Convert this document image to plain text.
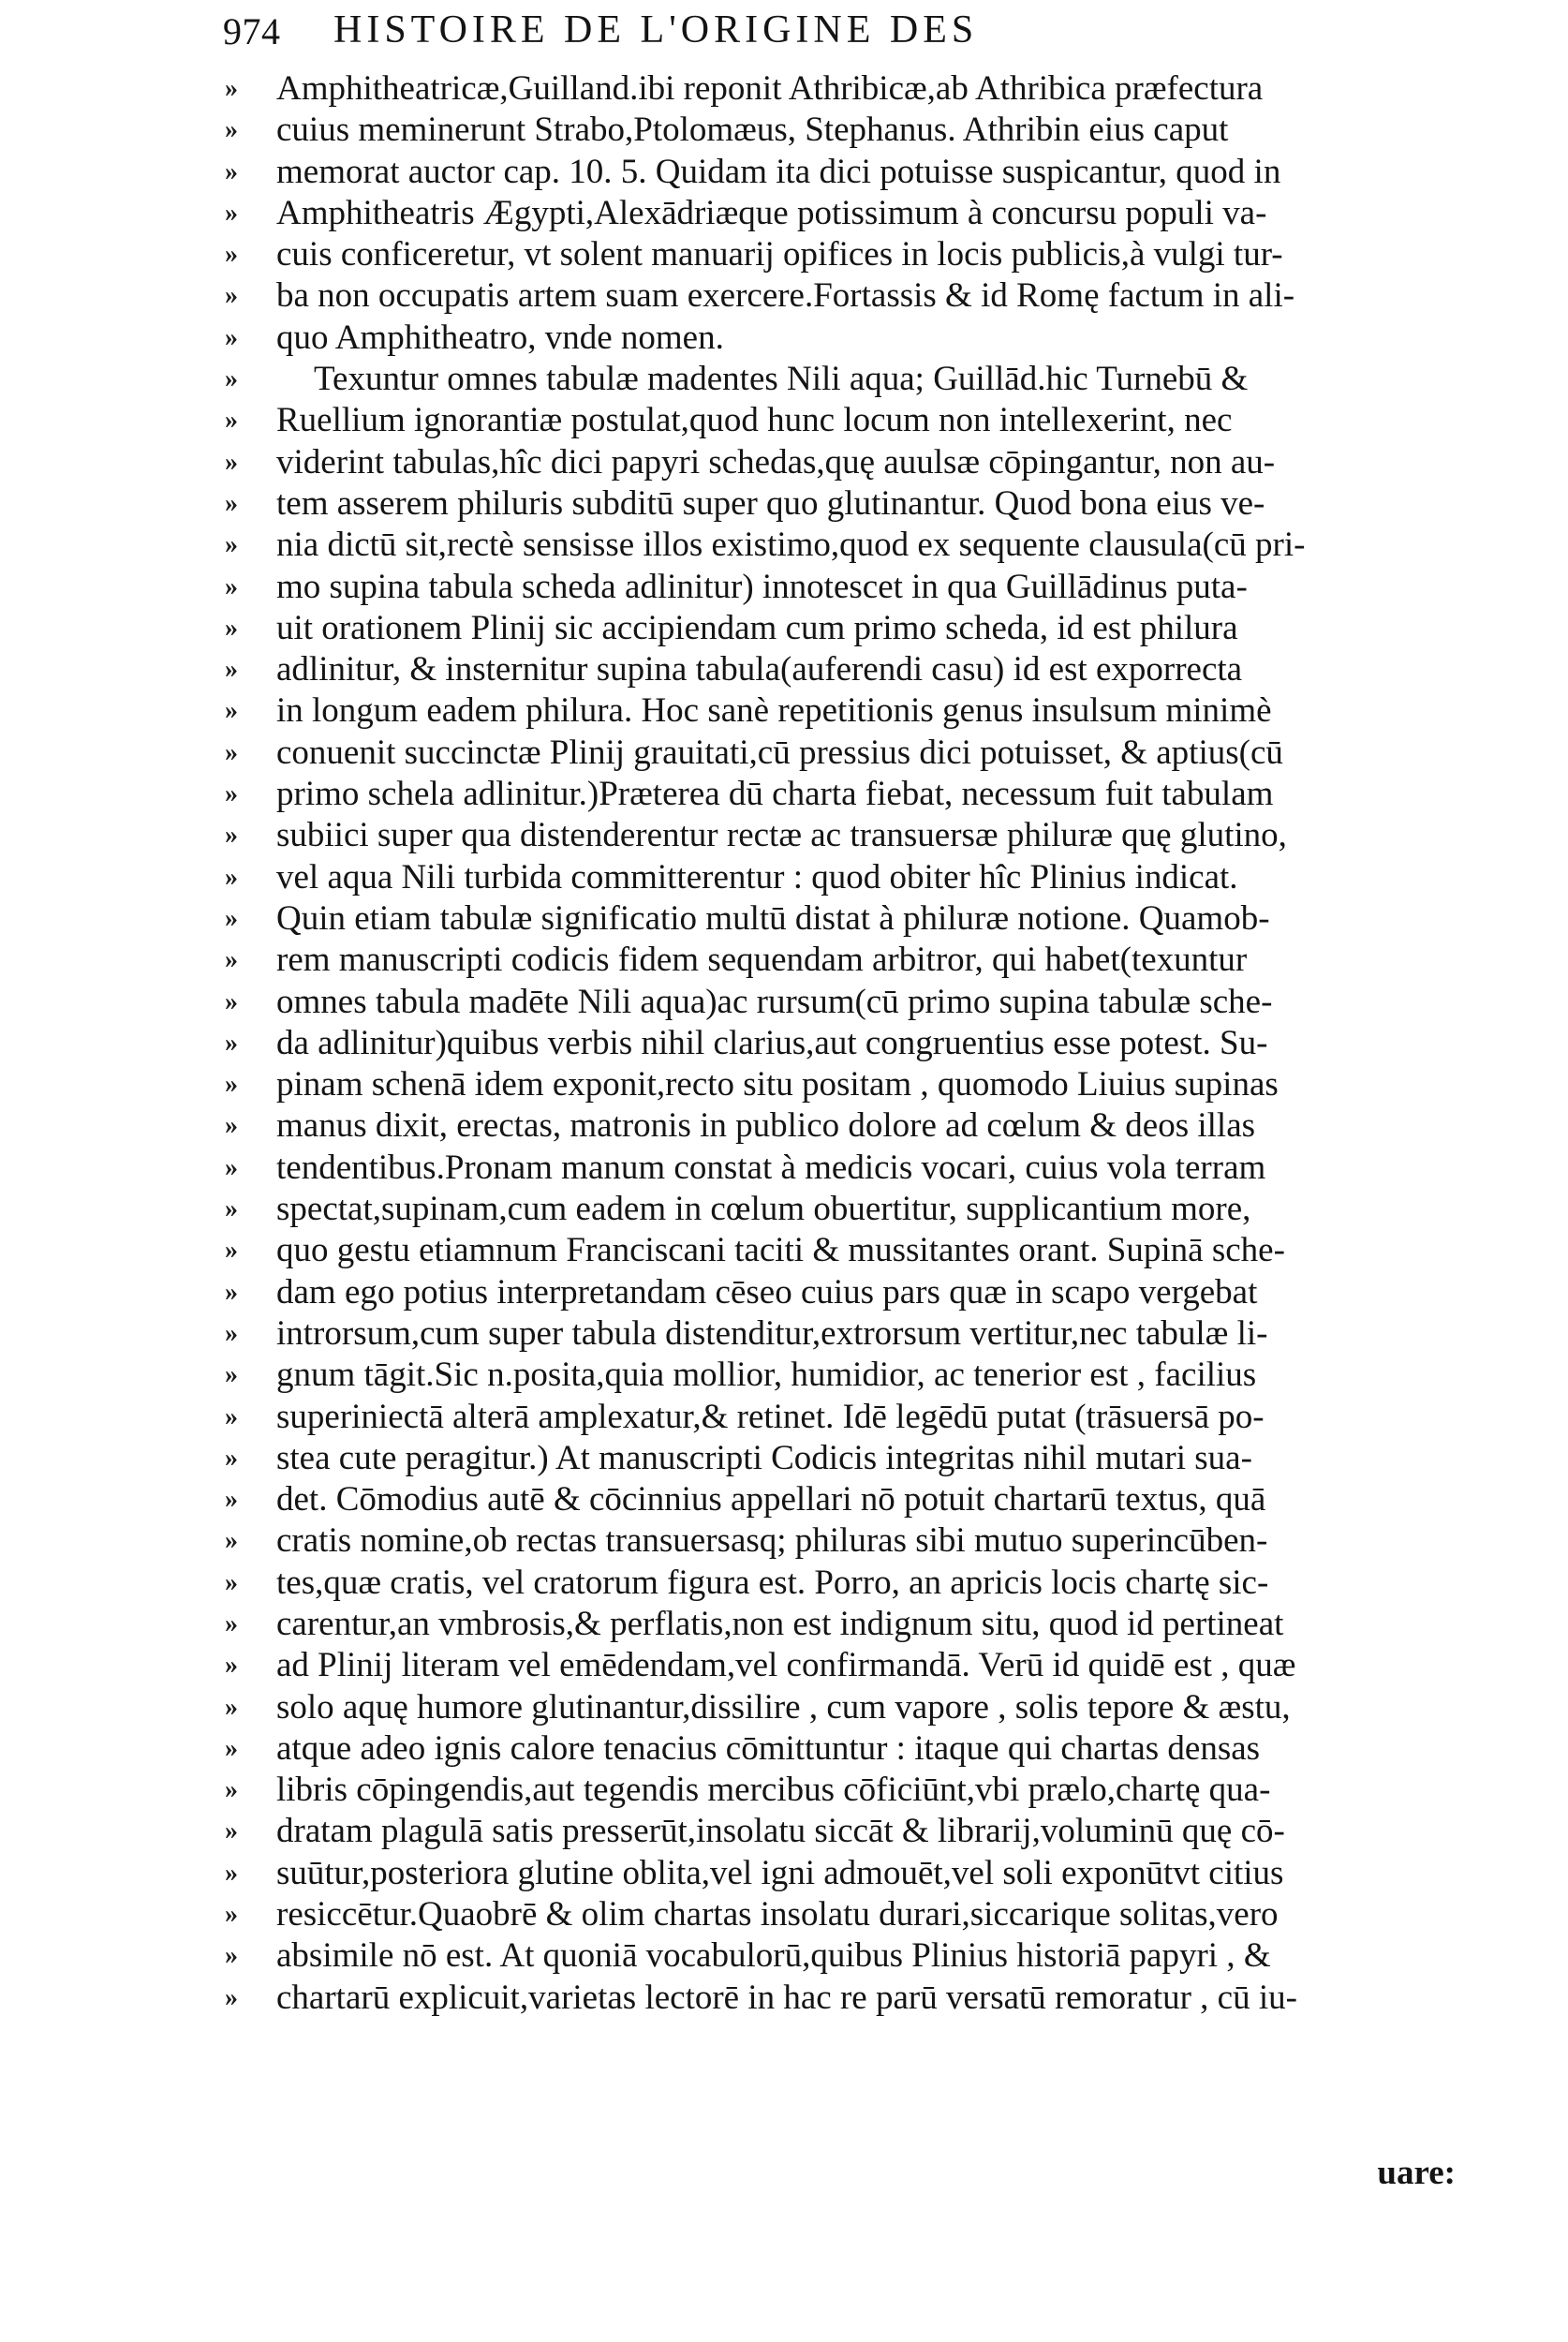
974 HISTOIRE DE L'ORIGINE DES
»	Amphitheatricæ,Guilland.ibi reponit Athribicæ,ab Athribica præfectura
»	cuius meminerunt Strabo,Ptolomæus, Stephanus. Athribin eius caput
»	memorat auctor cap. 10. 5. Quidam ita dici potuisse suspicantur, quod in
»	Amphitheatris Ægypti,Alexādriæque potissimum à concursu populi va-
»	cuis conficeretur, vt solent manuarij opifices in locis publicis,à vulgi tur-
»	ba non occupatis artem suam exercere.Fortassis & id Romę factum in ali-
»	quo Amphitheatro, vnde nomen.
»	Texuntur omnes tabulæ madentes Nili aqua; Guillād.hic Turnebū &
»	Ruellium ignorantiæ postulat,quod hunc locum non intellexerint, nec
»	viderint tabulas,hîc dici papyri schedas,quę auulsæ cōpingantur, non au-
»	tem asserem philuris subditū super quo glutinantur. Quod bona eius ve-
»	nia dictū sit,rectè sensisse illos existimo,quod ex sequente clausula(cū pri-
»	mo supina tabula scheda adlinitur) innotescet in qua Guillādinus puta-
»	uit orationem Plinij sic accipiendam cum primo scheda, id est philura
»	adlinitur, & insternitur supina tabula(auferendi casu) id est exporrecta
»	in longum eadem philura. Hoc sanè repetitionis genus insulsum minimè
»	conuenit succinctæ Plinij grauitati,cū pressius dici potuisset, & aptius(cū
»	primo schela adlinitur.)Præterea dū charta fiebat, necessum fuit tabulam
»	subiici super qua distenderentur rectæ ac transuersæ philuræ quę glutino,
»	vel aqua Nili turbida committerentur : quod obiter hîc Plinius indicat.
»	Quin etiam tabulæ significatio multū distat à philuræ notione. Quamob-
»	rem manuscripti codicis fidem sequendam arbitror, qui habet(texuntur
»	omnes tabula madēte Nili aqua)ac rursum(cū primo supina tabulæ sche-
»	da adlinitur)quibus verbis nihil clarius,aut congruentius esse potest. Su-
»	pinam schenā idem exponit,recto situ positam , quomodo Liuius supinas
»	manus dixit, erectas, matronis in publico dolore ad cœlum & deos illas
»	tendentibus.Pronam manum constat à medicis vocari, cuius vola terram
»	spectat,supinam,cum eadem in cœlum obuertitur, supplicantium more,
»	quo gestu etiamnum Franciscani taciti & mussitantes orant. Supinā sche-
»	dam ego potius interpretandam cēseo cuius pars quæ in scapo vergebat
»	introrsum,cum super tabula distenditur,extrorsum vertitur,nec tabulæ li-
»	gnum tāgit.Sic n.posita,quia mollior, humidior, ac tenerior est , facilius
»	superiniectā alterā amplexatur,& retinet. Idē legēdū putat (trāsuersā po-
»	stea cute peragitur.) At manuscripti Codicis integritas nihil mutari sua-
»	det. Cōmodius autē & cōcinnius appellari nō potuit chartarū textus, quā
»	cratis nomine,ob rectas transuersasq; philuras sibi mutuo superincūben-
»	tes,quæ cratis, vel cratorum figura est. Porro, an apricis locis chartę sic-
»	carentur,an vmbrosis,& perflatis,non est indignum situ, quod id pertineat
»	ad Plinij literam vel emēdendam,vel confirmandā. Verū id quidē est , quæ
»	solo aquę humore glutinantur,dissilire , cum vapore , solis tepore & æstu,
»	atque adeo ignis calore tenacius cōmittuntur : itaque qui chartas densas
»	libris cōpingendis,aut tegendis mercibus cōficiūnt,vbi prælo,chartę qua-
»	dratam plagulā satis presserūt,insolatu siccāt & librarij,voluminū quę cō-
»	suūtur,posteriora glutine oblita,vel igni admouēt,vel soli exponūtvt citius
»	resiccētur.Quaobrē & olim chartas insolatu durari,siccarique solitas,vero
»	absimile nō est. At quoniā vocabulorū,quibus Plinius historiā papyri , &
»	chartarū explicuit,varietas lectorē in hac re parū versatū remoratur , cū iu-
uare:
